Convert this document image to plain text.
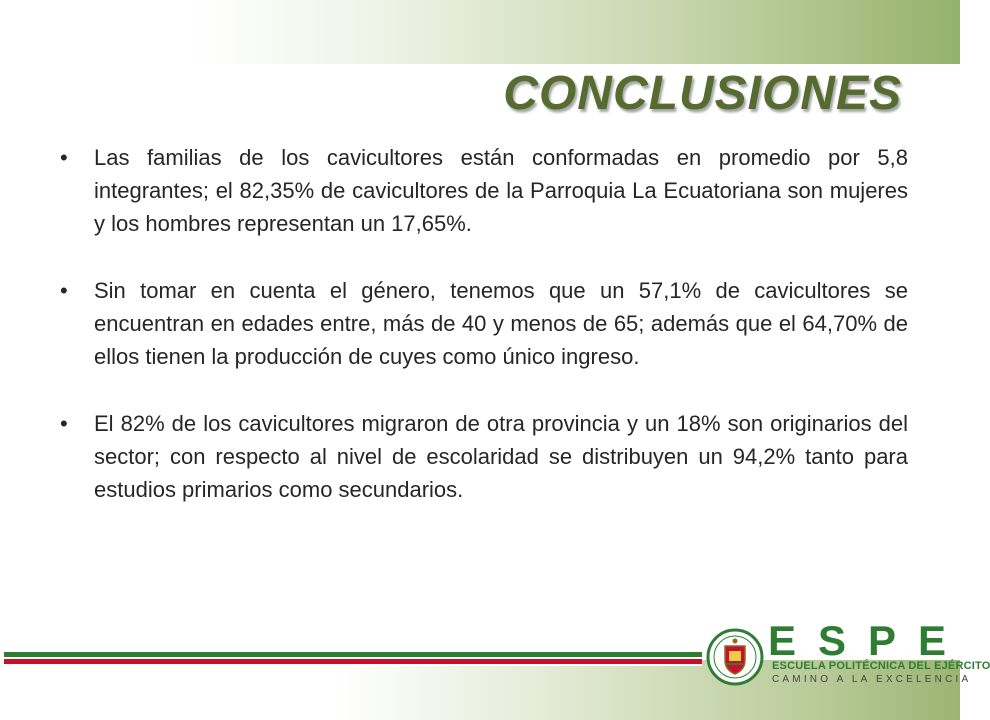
CONCLUSIONES
• Las familias de los cavicultores están conformadas en promedio por 5,8 integrantes; el 82,35% de cavicultores de la Parroquia La Ecuatoriana son mujeres y los hombres representan un 17,65%.
• Sin tomar en cuenta el género, tenemos que un 57,1% de cavicultores se encuentran en edades entre, más de 40 y menos de 65; además que el 64,70% de ellos tienen la producción de cuyes como único ingreso.
• El 82% de los cavicultores migraron de otra provincia y un 18% son originarios del sector; con respecto al nivel de escolaridad se distribuyen un 94,2% tanto para estudios primarios como secundarios.
ESPE
ESCUELA POLITÉCNICA DEL EJÉRCITO
CAMINO A LA EXCELENCIA
